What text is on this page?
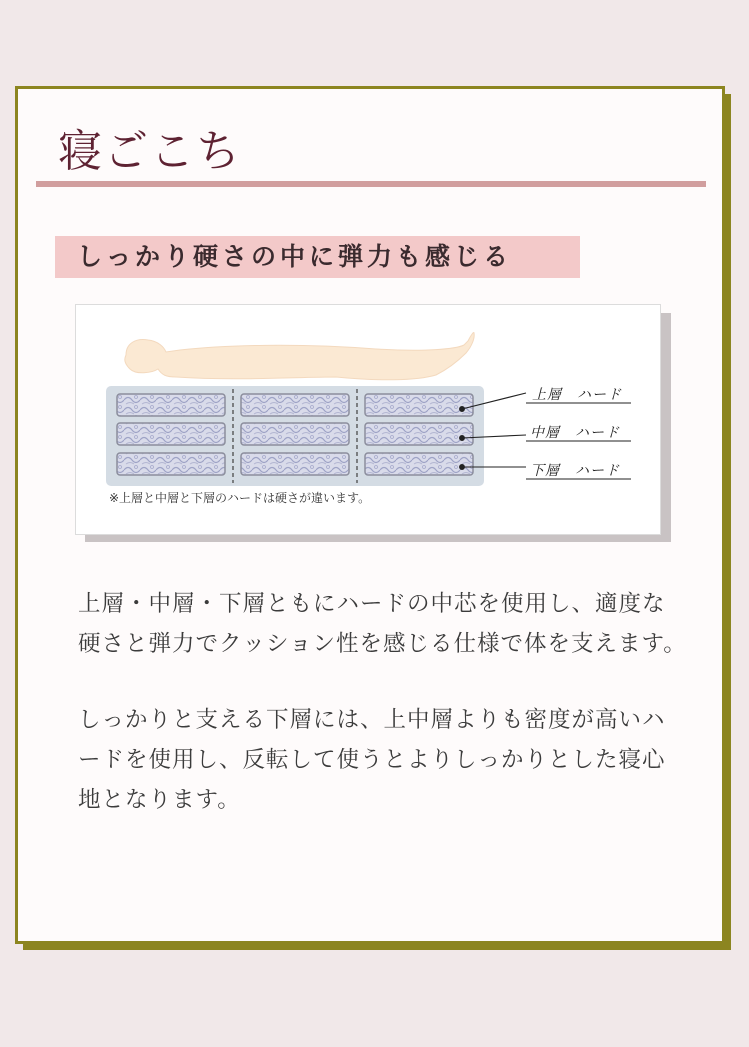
寝ごこち
しっかり硬さの中に弾力も感じる
上層　ハード
中層　ハード
下層　ハード
※上層と中層と下層のハードは硬さが違います。

上層・中層・下層ともにハードの中芯を使用し、適度な硬さと弾力でクッション性を感じる仕様で体を支えます。

しっかりと支える下層には、上中層よりも密度が高いハードを使用し、反転して使うとよりしっかりとした寝心地となります。
